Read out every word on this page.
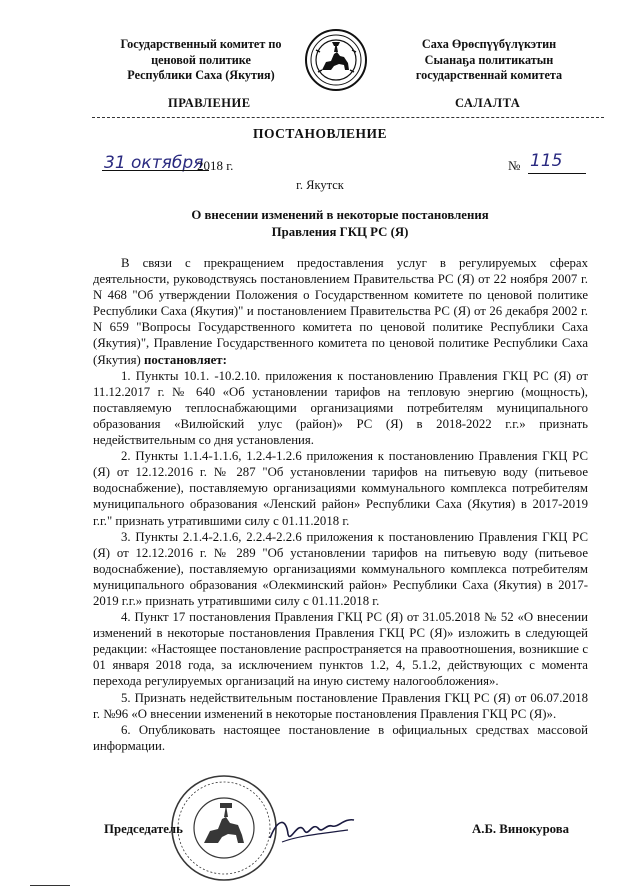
Государственный комитет по
ценовой политике
Республики Саха (Якутия)
Саха Өрөспүүбүлүкэтин
Сыанаҕа политикатын
государственнай комитета
ПРАВЛЕНИЕ	САЛАЛТА
ПОСТАНОВЛЕНИЕ
31 октября
2018 г.	№ 115
г. Якутск
О внесении изменений в некоторые постановления
Правления ГКЦ РС (Я)

В связи с прекращением предоставления услуг в регулируемых сферах деятельности, руководствуясь постановлением Правительства РС (Я) от 22 ноября 2007 г. N 468 "Об утверждении Положения о Государственном комитете по ценовой политике Республики Саха (Якутия)" и постановлением Правительства РС (Я) от 26 декабря 2002 г. N 659 "Вопросы Государственного комитета по ценовой политике Республики Саха (Якутия)", Правление Государственного комитета по ценовой политике Республики Саха (Якутия) постановляет:

1. Пункты 10.1. -10.2.10. приложения к постановлению Правления ГКЦ РС (Я) от 11.12.2017 г. № 640 «Об установлении тарифов на тепловую энергию (мощность), поставляемую теплоснабжающими организациями потребителям муниципального образования «Вилюйский улус (район)» РС (Я) в 2018-2022 г.г.» признать недействительным со дня установления.

2. Пункты 1.1.4-1.1.6, 1.2.4-1.2.6 приложения к постановлению Правления ГКЦ РС (Я) от 12.12.2016 г. № 287 "Об установлении тарифов на питьевую воду (питьевое водоснабжение), поставляемую организациями коммунального комплекса потребителям муниципального образования «Ленский район» Республики Саха (Якутия) в 2017-2019 г.г." признать утратившими силу с 01.11.2018 г.

3. Пункты 2.1.4-2.1.6, 2.2.4-2.2.6 приложения к постановлению Правления ГКЦ РС (Я) от 12.12.2016 г. № 289 "Об установлении тарифов на питьевую воду (питьевое водоснабжение), поставляемую организациями коммунального комплекса потребителям муниципального образования «Олекминский район» Республики Саха (Якутия) в 2017-2019 г.г.» признать утратившими силу с 01.11.2018 г.

4. Пункт 17 постановления Правления ГКЦ РС (Я) от 31.05.2018 № 52 «О внесении изменений в некоторые постановления Правления ГКЦ РС (Я)» изложить в следующей редакции: «Настоящее постановление распространяется на правоотношения, возникшие с 01 января 2018 года, за исключением пунктов 1.2, 4, 5.1.2, действующих с момента перехода регулируемых организаций на иную систему налогообложения».

5. Признать недействительным постановление Правления ГКЦ РС (Я) от 06.07.2018 г. №96 «О внесении изменений в некоторые постановления Правления ГКЦ РС (Я)».

6. Опубликовать настоящее постановление в официальных средствах массовой информации.

Председатель	А.Б. Винокурова
